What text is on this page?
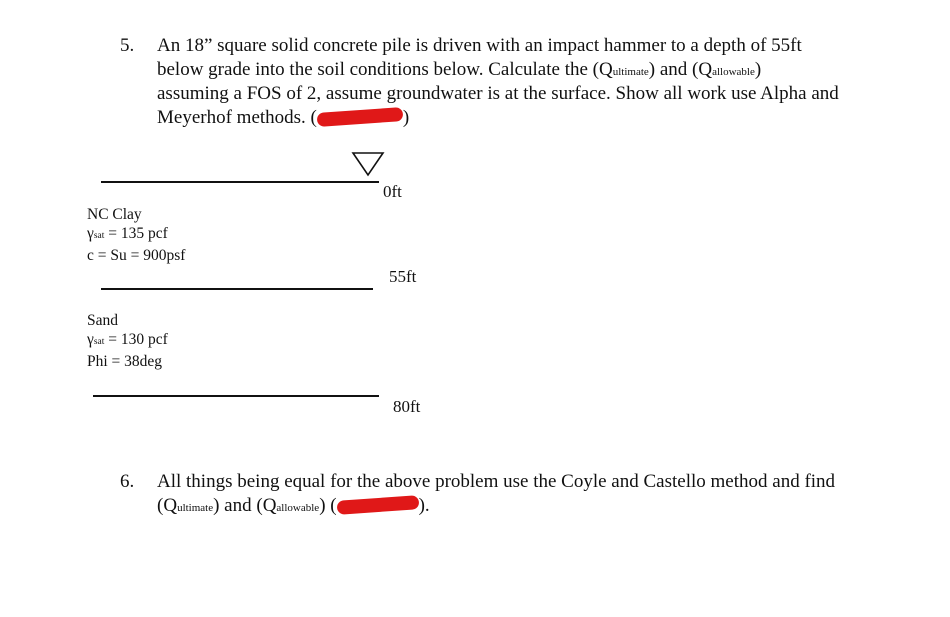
5. An 18” square solid concrete pile is driven with an impact hammer to a depth of 55ft
below grade into the soil conditions below. Calculate the (Qultimate) and (Qallowable)
assuming a FOS of 2, assume groundwater is at the surface. Show all work use Alpha and
Meyerhof methods. (	)
0ft
NC Clay
γsat = 135 pcf
c = Su = 900psf
55ft
Sand
γsat = 130 pcf
Phi = 38deg
80ft
6. All things being equal for the above problem use the Coyle and Castello method and find
(Qultimate) and (Qallowable) (	).
